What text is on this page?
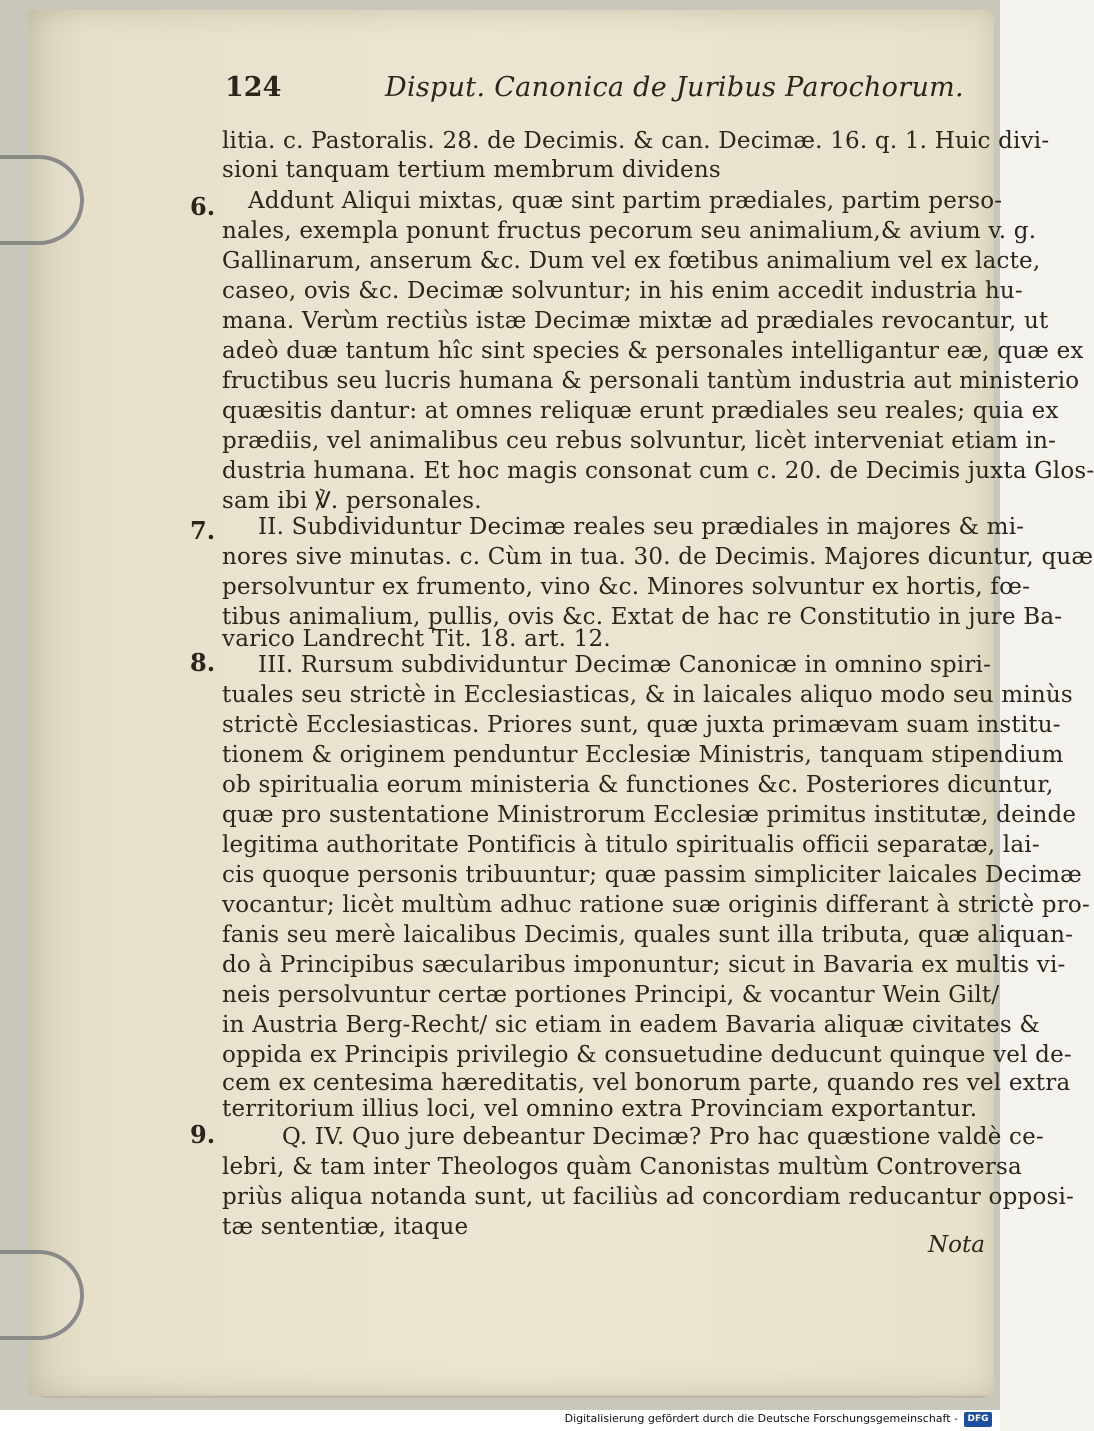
124	Disput. Canonica de Juribus Parochorum.
6.
7.
8.
9.
litia. c. Pastoralis. 28. de Decimis. & can. Decimæ. 16. q. 1. Huic divi-
sioni tanquam tertium membrum dividens
Addunt Aliqui mixtas, quæ sint partim prædiales, partim perso-
nales, exempla ponunt fructus pecorum seu animalium,& avium v. g.
Gallinarum, anserum &c. Dum vel ex fœtibus animalium vel ex lacte,
caseo, ovis &c. Decimæ solvuntur; in his enim accedit industria hu-
mana. Verùm rectiùs istæ Decimæ mixtæ ad prædiales revocantur, ut
adeò duæ tantum hîc sint species & personales intelligantur eæ, quæ ex
fructibus seu lucris humana & personali tantùm industria aut ministerio
quæsitis dantur: at omnes reliquæ erunt prædiales seu reales; quia ex
prædiis, vel animalibus ceu rebus solvuntur, licèt interveniat etiam in-
dustria humana. Et hoc magis consonat cum c. 20. de Decimis juxta Glos-
sam ibi ℣. personales.
II. Subdividuntur Decimæ reales seu prædiales in majores & mi-
nores sive minutas. c. Cùm in tua. 30. de Decimis. Majores dicuntur, quæ
persolvuntur ex frumento, vino &c. Minores solvuntur ex hortis, fœ-
tibus animalium, pullis, ovis &c. Extat de hac re Constitutio in jure Ba-
varico Landrecht Tit. 18. art. 12.
III. Rursum subdividuntur Decimæ Canonicæ in omnino spiri-
tuales seu strictè in Ecclesiasticas, & in laicales aliquo modo seu minùs
strictè Ecclesiasticas. Priores sunt, quæ juxta primævam suam institu-
tionem & originem penduntur Ecclesiæ Ministris, tanquam stipendium
ob spiritualia eorum ministeria & functiones &c. Posteriores dicuntur,
quæ pro sustentatione Ministrorum Ecclesiæ primitus institutæ, deinde
legitima authoritate Pontificis à titulo spiritualis officii separatæ, lai-
cis quoque personis tribuuntur; quæ passim simpliciter laicales Decimæ
vocantur; licèt multùm adhuc ratione suæ originis differant à strictè pro-
fanis seu merè laicalibus Decimis, quales sunt illa tributa, quæ aliquan-
do à Principibus sæcularibus imponuntur; sicut in Bavaria ex multis vi-
neis persolvuntur certæ portiones Principi, & vocantur Wein Gilt/
in Austria Berg-Recht/ sic etiam in eadem Bavaria aliquæ civitates &
oppida ex Principis privilegio & consuetudine deducunt quinque vel de-
cem ex centesima hæreditatis, vel bonorum parte, quando res vel extra
territorium illius loci, vel omnino extra Provinciam exportantur.
Q. IV. Quo jure debeantur Decimæ? Pro hac quæstione valdè ce-
lebri, & tam inter Theologos quàm Canonistas multùm Controversa
priùs aliqua notanda sunt, ut faciliùs ad concordiam reducantur opposi-
tæ sententiæ, itaque
Nota
Digitalisierung gefördert durch die Deutsche Forschungsgemeinschaft -	DFG
